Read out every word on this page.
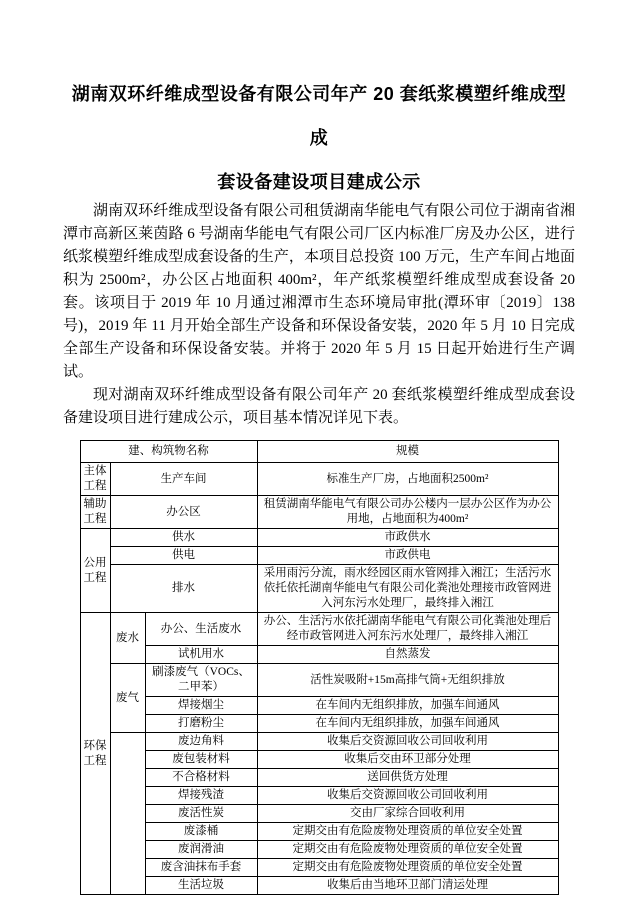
湖南双环纤维成型设备有限公司年产 20 套纸浆模塑纤维成型成
套设备建设项目建成公示

湖南双环纤维成型设备有限公司租赁湖南华能电气有限公司位于湖南省湘潭市高新区莱茵路 6 号湖南华能电气有限公司厂区内标准厂房及办公区，进行纸浆模塑纤维成型成套设备的生产，本项目总投资 100 万元，生产车间占地面积为 2500m²，办公区占地面积 400m²，年产纸浆模塑纤维成型成套设备 20 套。该项目于 2019 年 10 月通过湘潭市生态环境局审批(潭环审〔2019〕138 号)，2019 年 11 月开始全部生产设备和环保设备安装，2020 年 5 月 10 日完成全部生产设备和环保设备安装。并将于 2020 年 5 月 15 日起开始进行生产调试。

现对湖南双环纤维成型设备有限公司年产 20 套纸浆模塑纤维成型成套设备建设项目进行建成公示，项目基本情况详见下表。

建、构筑物名称			规模
主体工程	生产车间		标准生产厂房，占地面积2500m²
辅助工程	办公区		租赁湖南华能电气有限公司办公楼内一层办公区作为办公用地，占地面积为400m²
公用工程	供水		市政供水
	供电		市政供电
	排水		采用雨污分流，雨水经园区雨水管网排入湘江；生活污水依托依托湖南华能电气有限公司化粪池处理接市政管网进入河东污水处理厂，最终排入湘江
环保工程	废水	办公、生活废水	办公、生活污水依托湖南华能电气有限公司化粪池处理后经市政管网进入河东污水处理厂，最终排入湘江
		试机用水	自然蒸发
	废气	刷漆废气（VOCs、二甲苯）	活性炭吸附+15m高排气筒+无组织排放
		焊接烟尘	在车间内无组织排放，加强车间通风
		打磨粉尘	在车间内无组织排放，加强车间通风
		废边角料	收集后交资源回收公司回收利用
		废包装材料	收集后交由环卫部分处理
		不合格材料	送回供货方处理
		焊接残渣	收集后交资源回收公司回收利用
		废活性炭	交由厂家综合回收利用
		废漆桶	定期交由有危险废物处理资质的单位安全处置
		废润滑油	定期交由有危险废物处理资质的单位安全处置
		废含油抹布手套	定期交由有危险废物处理资质的单位安全处置
		生活垃圾	收集后由当地环卫部门清运处理
